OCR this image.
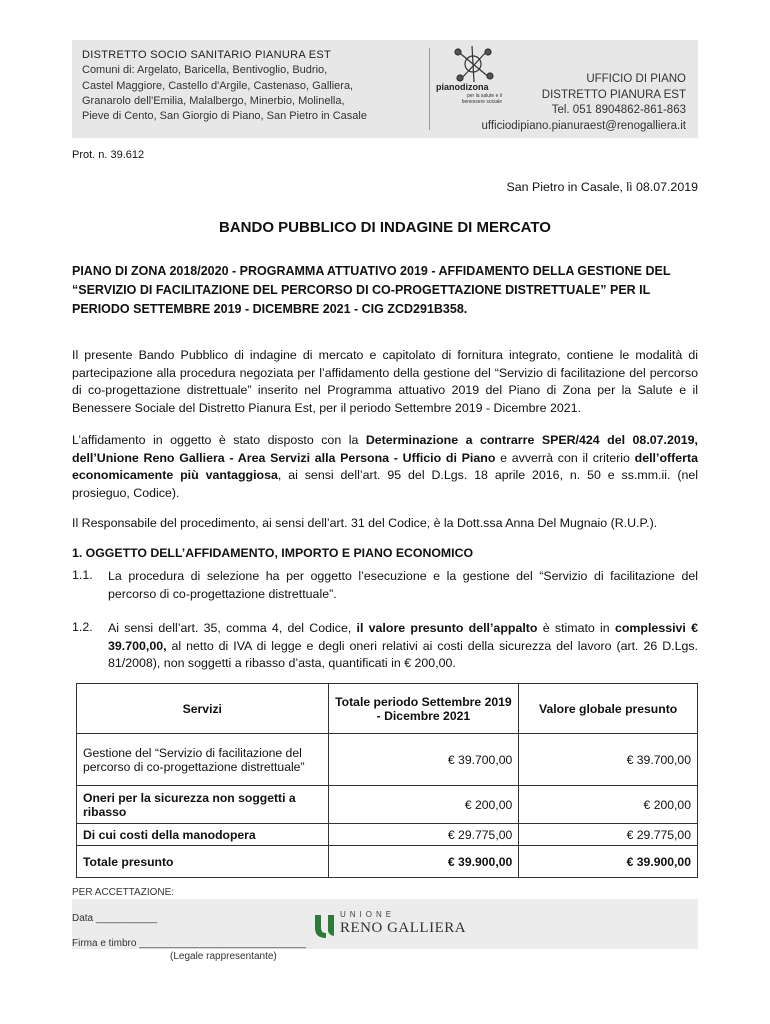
DISTRETTO SOCIO SANITARIO PIANURA EST
Comuni di: Argelato, Baricella, Bentivoglio, Budrio,
Castel Maggiore, Castello d'Argile, Castenaso, Galliera,
Granarolo dell'Emilia, Malalbergo, Minerbio, Molinella,
Pieve di Cento, San Giorgio di Piano, San Pietro in Casale
pianodizona
per la salute e il benessere sociale
UFFICIO DI PIANO
DISTRETTO PIANURA EST
Tel. 051 8904862-861-863
ufficiodipiano.pianuraest@renogalliera.it
Prot. n. 39.612
San Pietro in Casale, lì 08.07.2019
BANDO PUBBLICO DI INDAGINE DI MERCATO
PIANO DI ZONA 2018/2020 - PROGRAMMA ATTUATIVO 2019 - AFFIDAMENTO DELLA GESTIONE DEL “SERVIZIO DI FACILITAZIONE DEL PERCORSO DI CO-PROGETTAZIONE DISTRETTUALE” PER IL PERIODO SETTEMBRE 2019 - DICEMBRE 2021 - CIG ZCD291B358.

Il presente Bando Pubblico di indagine di mercato e capitolato di fornitura integrato, contiene le modalità di partecipazione alla procedura negoziata per l’affidamento della gestione del “Servizio di facilitazione del percorso di co-progettazione distrettuale” inserito nel Programma attuativo 2019 del Piano di Zona per la Salute e il Benessere Sociale del Distretto Pianura Est, per il periodo Settembre 2019 - Dicembre 2021.

L’affidamento in oggetto è stato disposto con la Determinazione a contrarre SPER/424 del 08.07.2019, dell’Unione Reno Galliera - Area Servizi alla Persona - Ufficio di Piano e avverrà con il criterio dell’offerta economicamente più vantaggiosa, ai sensi dell’art. 95 del D.Lgs. 18 aprile 2016, n. 50 e ss.mm.ii. (nel prosieguo, Codice).

Il Responsabile del procedimento, ai sensi dell’art. 31 del Codice, è la Dott.ssa Anna Del Mugnaio (R.U.P.).

1. OGGETTO DELL’AFFIDAMENTO, IMPORTO E PIANO ECONOMICO
1.1. La procedura di selezione ha per oggetto l’esecuzione e la gestione del “Servizio di facilitazione del percorso di co-progettazione distrettuale”.
1.2. Ai sensi dell’art. 35, comma 4, del Codice, il valore presunto dell’appalto è stimato in complessivi € 39.700,00, al netto di IVA di legge e degli oneri relativi ai costi della sicurezza del lavoro (art. 26 D.Lgs. 81/2008), non soggetti a ribasso d’asta, quantificati in € 200,00.
Servizi	Totale periodo Settembre 2019 - Dicembre 2021	Valore globale presunto
Gestione del “Servizio di facilitazione del percorso di co-progettazione distrettuale”	€ 39.700,00	€ 39.700,00
Oneri per la sicurezza non soggetti a ribasso	€ 200,00	€ 200,00
Di cui costi della manodopera	€ 29.775,00	€ 29.775,00
Totale presunto	€ 39.900,00	€ 39.900,00
PER ACCETTAZIONE:
Data ___________
Firma e timbro ______________________________
(Legale rappresentante)
UNIONE
RENO GALLIERA
